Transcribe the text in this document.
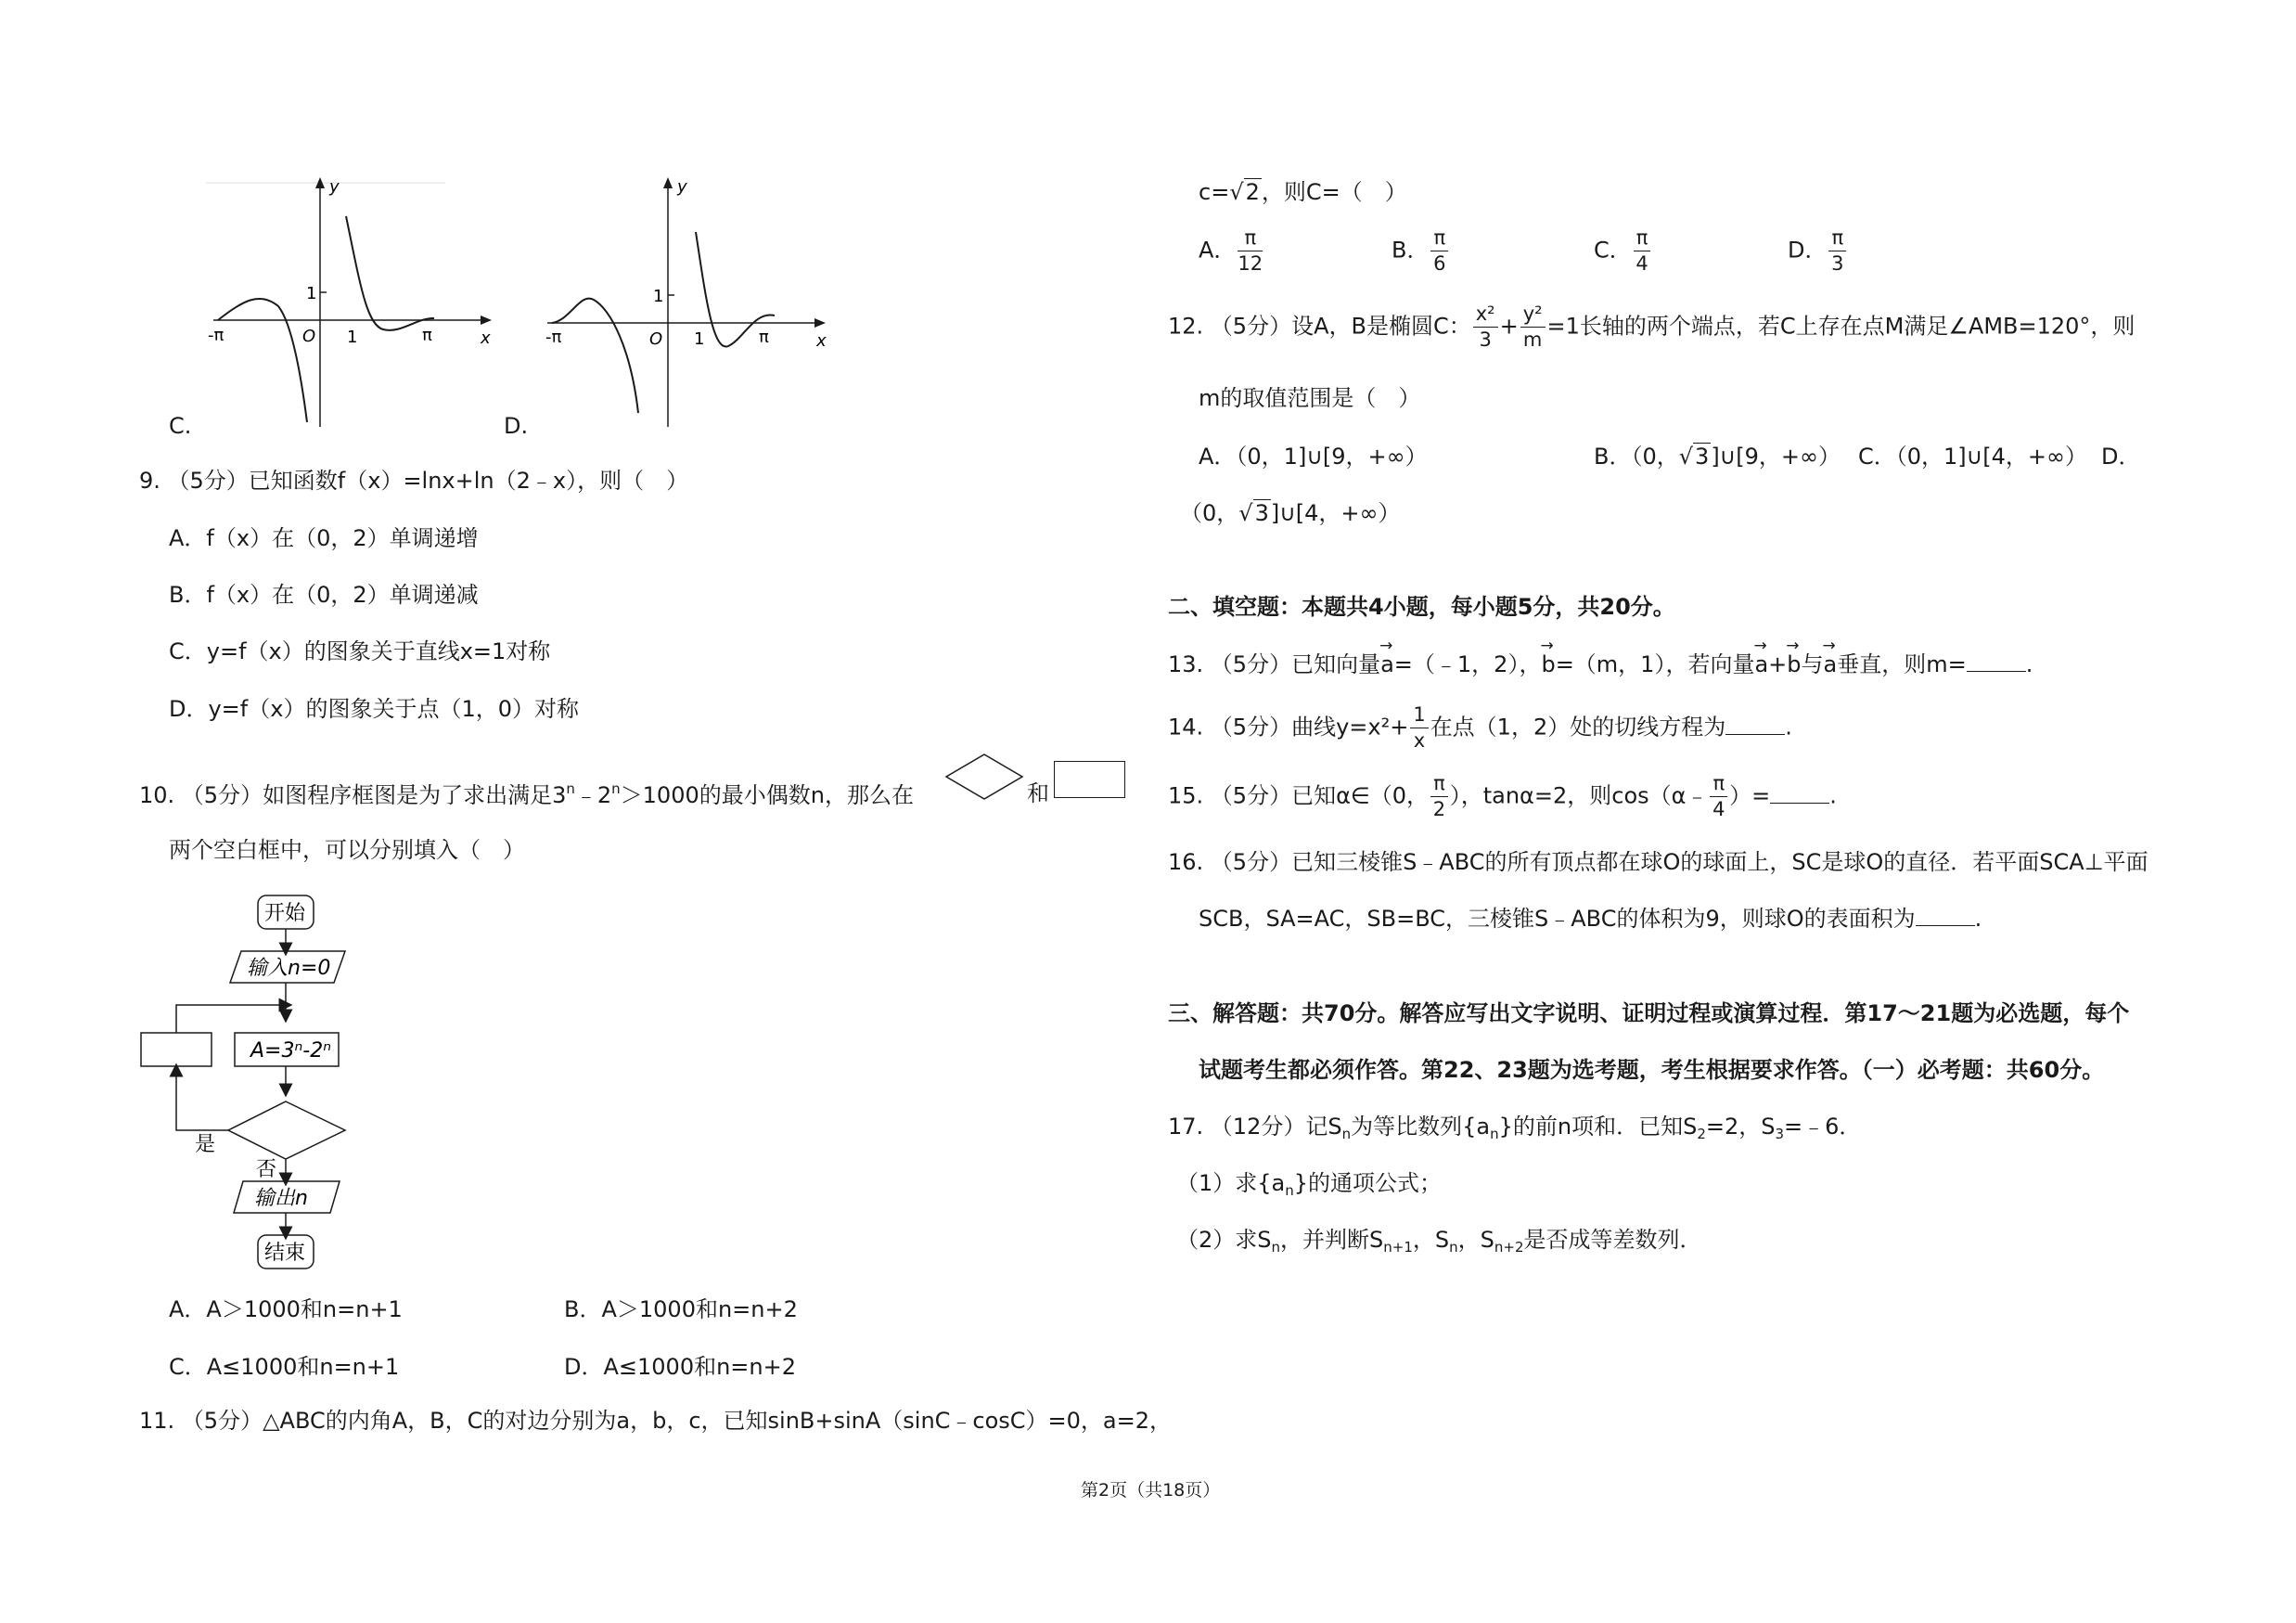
y
x
O
1
1
-π	π
C.
y
x
O
1
1
-π	π
D.
9. （5分）已知函数f（x）=lnx+ln（2﹣x），则（　）
A．f（x）在（0，2）单调递增
B．f（x）在（0，2）单调递减
C．y=f（x）的图象关于直线x=1对称
D．y=f（x）的图象关于点（1，0）对称
10. （5分）如图程序框图是为了求出满足$3^n﹣2^n>1000$的最小偶数n，那么在	和
两个空白框中，可以分别填入（　）
开始
输入n=0
A=3ⁿ-2ⁿ
是
否
输出n
结束
A．A＞1000和n=n+1	B．A＞1000和n=n+2
C．A≤1000和n=n+1	D．A≤1000和n=n+2
11. （5分）△ABC的内角A，B，C的对边分别为a，b，c，已知sinB+sinA（sinC﹣cosC）=0，a=2，
c=√2，则C=（　）
A． $\frac{\pi}{12}$	B． $\frac{\pi}{6}$	C． $\frac{\pi}{4}$	D． $\frac{\pi}{3}$
12. （5分）设A，B是椭圆C： $\frac{\text{x²}}{3} + \frac{\text{y²}}{m} =1$长轴的两个端点，若C上存在点M满足∠AMB=120°，则
m的取值范围是（　）
A．（0，1]∪[9，+∞）	B．（0，√3]∪[9，+∞） C．（0，1]∪[4，+∞） D．
（0，√3]∪[4，+∞）
二、填空题：本题共4小题，每小题5分，共20分。
13. （5分）已知向量→ a=（﹣1，2），→ b=（m，1），若向量→ a+→ b与→ a垂直，则m=	.
14. （5分）曲线$y=x^2+ \frac{1}{x}$ 在点（1，2）处的切线方程为	.
15. （5分）已知α∈（0， $\frac{\pi}{2}$ ），tanα=2，则cos（α﹣ $\frac{\pi}{4}$ ）=	.
16. （5分）已知三棱锥S﹣ABC的所有顶点都在球O的球面上，SC是球O的直径．若平面SCA⊥平面
SCB，SA=AC，SB=BC，三棱锥S﹣ABC的体积为9，则球O的表面积为	.
三、解答题：共70分。解答应写出文字说明、证明过程或演算过程．第17～21题为必选题，每个
试题考生都必须作答。第22、23题为选考题，考生根据要求作答。（一）必考题：共60分。
17. （12分）记$S_n$为等比数列$\{a_n\}$的前n项和．已知$S_2=2$，$S_3=﹣6$．
（1）求$\{a_n\}$的通项公式；
（2）求$S_n$，并判断$S_{n+1}$，$S_n$，$S_{n+2}$是否成等差数列．
第2页（共18页）
